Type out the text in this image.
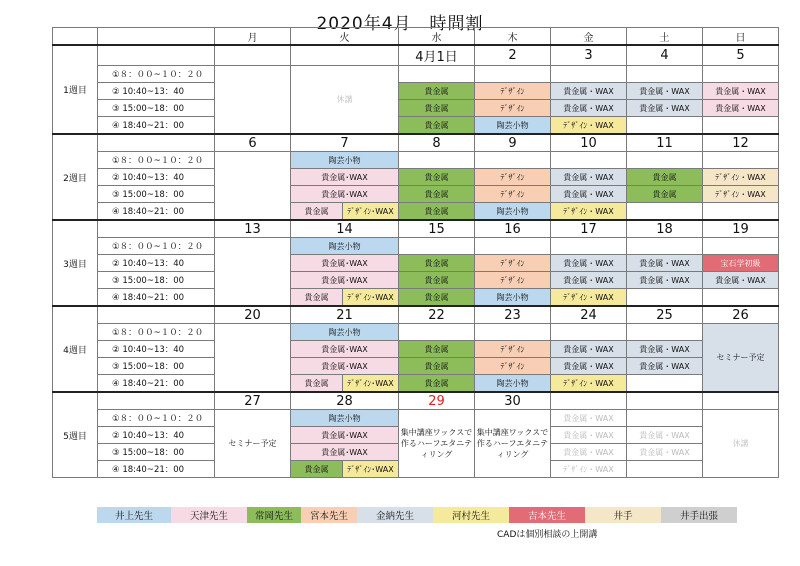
2020年4月　時間割
		月	火		水	木	金	土	日
1週目					4月1日	2	3	4	5
	①８：００~１０：２０		休講						
	② 10:40~13：40				貴金属	ﾃﾞｻﾞｲﾝ	貴金属・WAX	貴金属・WAX	貴金属・WAX
	③ 15:00~18：00				貴金属	ﾃﾞｻﾞｲﾝ	貴金属・WAX	貴金属・WAX	貴金属・WAX
	④ 18:40~21：00				貴金属	陶芸小物	ﾃﾞｻﾞｲﾝ・WAX		
2週目		6	7		8	9	10	11	12
	①８：００~１０：２０		陶芸小物						
	② 10:40~13：40		貴金属･WAX		貴金属	ﾃﾞｻﾞｲﾝ	貴金属・WAX	貴金属	ﾃﾞｻﾞｲﾝ・WAX
	③ 15:00~18：00		貴金属･WAX		貴金属	ﾃﾞｻﾞｲﾝ	貴金属・WAX	貴金属	ﾃﾞｻﾞｲﾝ・WAX
	④ 18:40~21：00		貴金属	ﾃﾞｻﾞｲﾝ･WAX	貴金属	陶芸小物	ﾃﾞｻﾞｲﾝ・WAX		
3週目		13	14		15	16	17	18	19
	①８：００~１０：２０		陶芸小物						
	② 10:40~13：40		貴金属･WAX		貴金属	ﾃﾞｻﾞｲﾝ	貴金属・WAX	貴金属・WAX	宝石学初級
	③ 15:00~18：00		貴金属･WAX		貴金属	ﾃﾞｻﾞｲﾝ	貴金属・WAX	貴金属・WAX	貴金属・WAX
	④ 18:40~21：00		貴金属	ﾃﾞｻﾞｲﾝ･WAX	貴金属	陶芸小物	ﾃﾞｻﾞｲﾝ・WAX		
4週目		20	21		22	23	24	25	26
	①８：００~１０：２０		陶芸小物						セミナー予定
	② 10:40~13：40		貴金属･WAX		貴金属	ﾃﾞｻﾞｲﾝ	貴金属・WAX	貴金属・WAX	
	③ 15:00~18：00		貴金属･WAX		貴金属	ﾃﾞｻﾞｲﾝ	貴金属・WAX	貴金属・WAX	
	④ 18:40~21：00		貴金属	ﾃﾞｻﾞｲﾝ･WAX	貴金属	陶芸小物	ﾃﾞｻﾞｲﾝ・WAX		
5週目		27	28		29	30			
	①８：００~１０：２０	セミナー予定	陶芸小物		集中講座ワックスで作るハーフエタニティリング	集中講座ワックスで作るハーフエタニティリング	貴金属・WAX		休講
	② 10:40~13：40		貴金属･WAX				貴金属・WAX	貴金属・WAX	
	③ 15:00~18：00		貴金属･WAX				貴金属・WAX	貴金属・WAX	
	④ 18:40~21：00		貴金属	ﾃﾞｻﾞｲﾝ･WAX			ﾃﾞｻﾞｲﾝ・WAX		
井上先生	天津先生	常岡先生	宮本先生	金納先生	河村先生	吉本先生	井手	井手出張
CADは個別相談の上開講
